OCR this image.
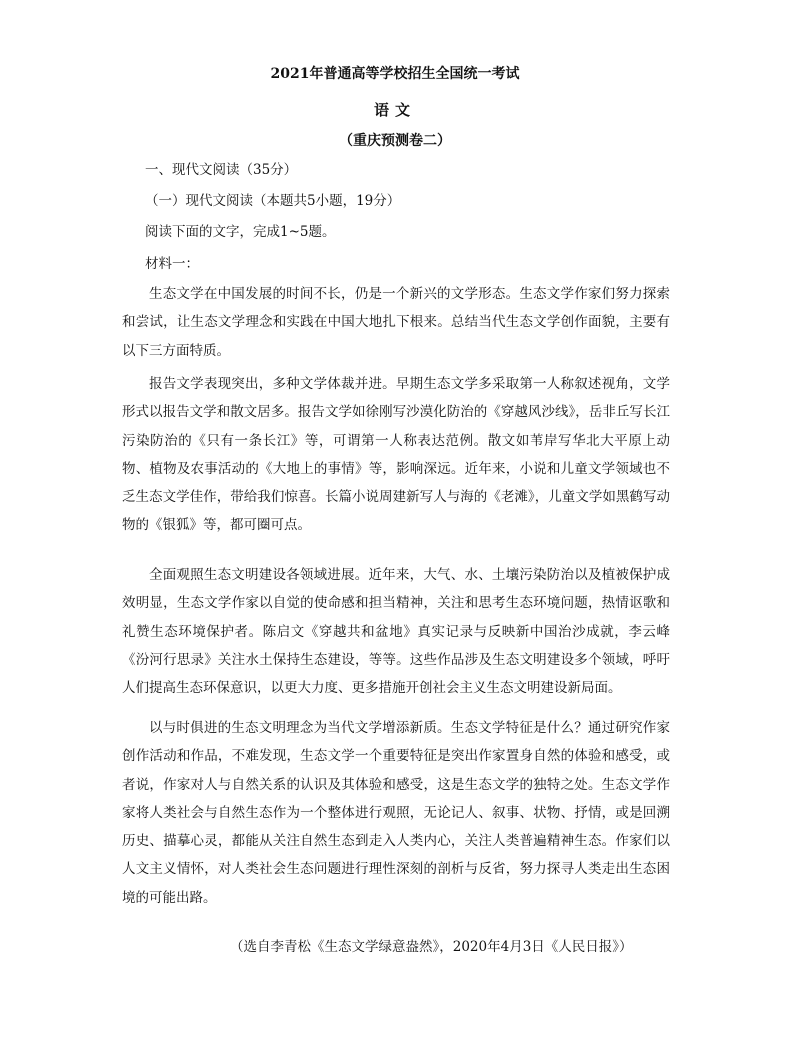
2021年普通高等学校招生全国统一考试
语文
（重庆预测卷二）
一、现代文阅读（35分）
（一）现代文阅读（本题共5小题，19分）
阅读下面的文字，完成1~5题。
材料一：

生态文学在中国发展的时间不长，仍是一个新兴的文学形态。生态文学作家们努力探索和尝试，让生态文学理念和实践在中国大地扎下根来。总结当代生态文学创作面貌，主要有以下三方面特质。

报告文学表现突出，多种文学体裁并进。早期生态文学多采取第一人称叙述视角，文学形式以报告文学和散文居多。报告文学如徐刚写沙漠化防治的《穿越风沙线》，岳非丘写长江污染防治的《只有一条长江》等，可谓第一人称表达范例。散文如苇岸写华北大平原上动物、植物及农事活动的《大地上的事情》等，影响深远。近年来，小说和儿童文学领域也不乏生态文学佳作，带给我们惊喜。长篇小说周建新写人与海的《老滩》，儿童文学如黑鹤写动物的《银狐》等，都可圈可点。

全面观照生态文明建设各领域进展。近年来，大气、水、土壤污染防治以及植被保护成效明显，生态文学作家以自觉的使命感和担当精神，关注和思考生态环境问题，热情讴歌和礼赞生态环境保护者。陈启文《穿越共和盆地》真实记录与反映新中国治沙成就，李云峰《汾河行思录》关注水土保持生态建设，等等。这些作品涉及生态文明建设多个领域，呼吁人们提高生态环保意识，以更大力度、更多措施开创社会主义生态文明建设新局面。

以与时俱进的生态文明理念为当代文学增添新质。生态文学特征是什么？通过研究作家创作活动和作品，不难发现，生态文学一个重要特征是突出作家置身自然的体验和感受，或者说，作家对人与自然关系的认识及其体验和感受，这是生态文学的独特之处。生态文学作家将人类社会与自然生态作为一个整体进行观照，无论记人、叙事、状物、抒情，或是回溯历史、描摹心灵，都能从关注自然生态到走入人类内心，关注人类普遍精神生态。作家们以人文主义情怀，对人类社会生态问题进行理性深刻的剖析与反省，努力探寻人类走出生态困境的可能出路。

（选自李青松《生态文学绿意盎然》，2020年4月3日《人民日报》）
